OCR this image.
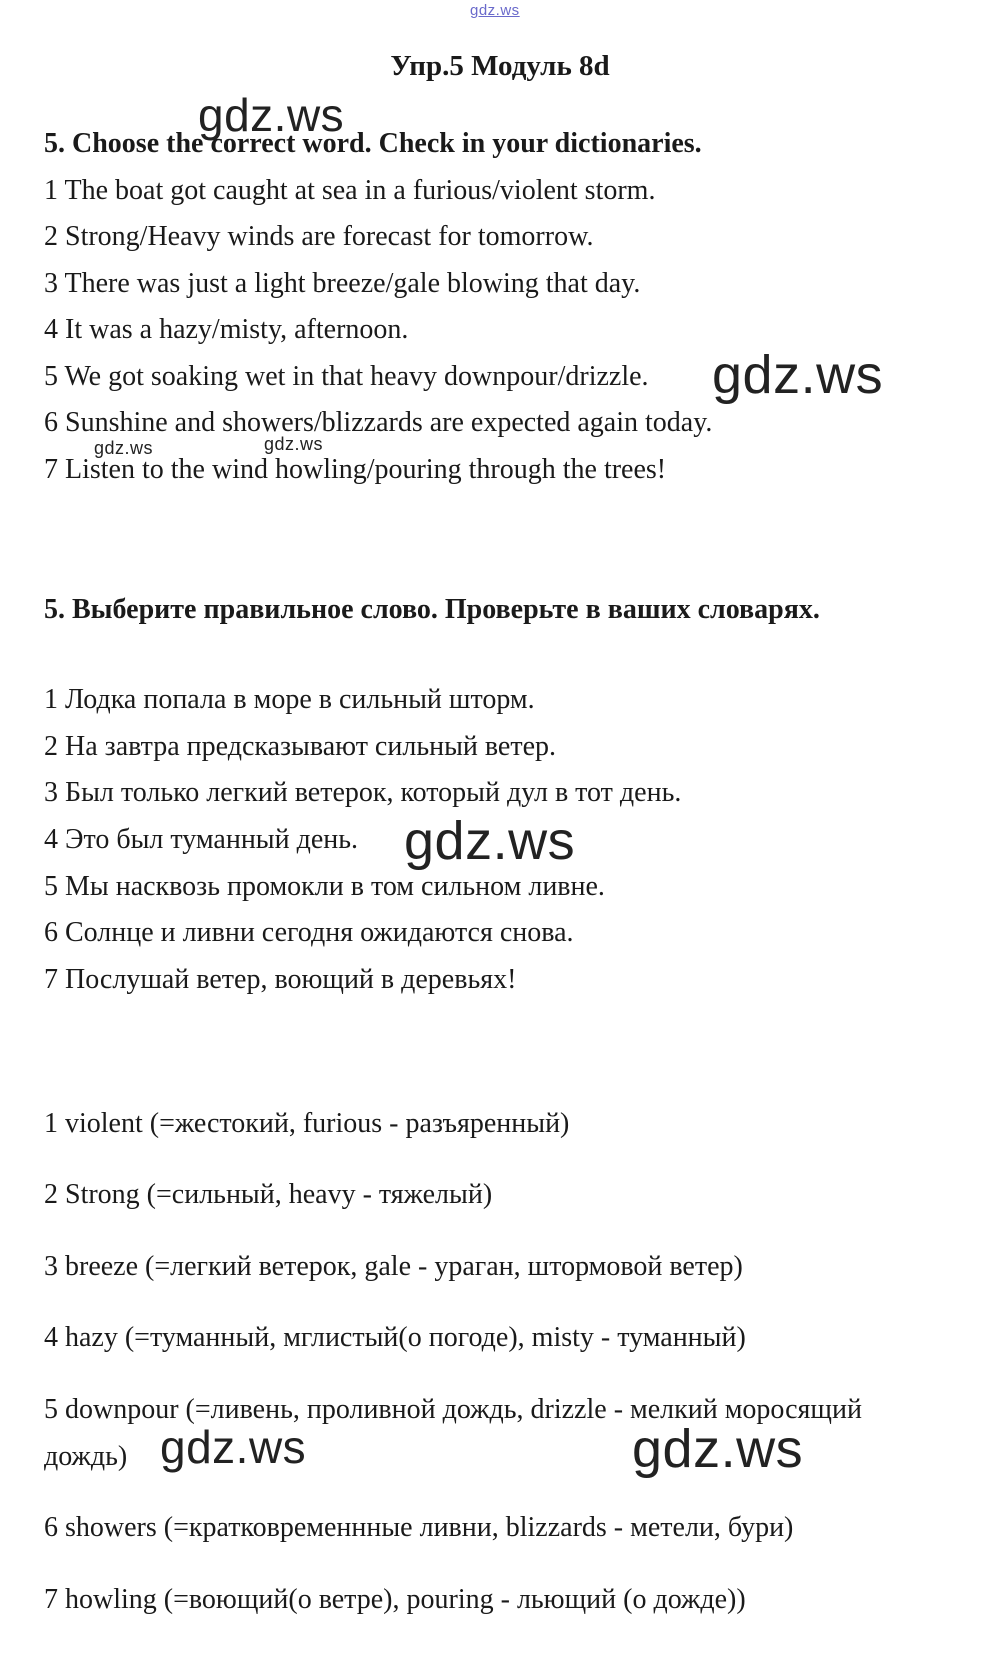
gdz.ws
Упр.5 Модуль 8d
5. Choose the correct word. Check in your dictionaries.
1 The boat got caught at sea in a furious/violent storm.
2 Strong/Heavy winds are forecast for tomorrow.
3 There was just a light breeze/gale blowing that day.
4 It was a hazy/misty, afternoon.
5 We got soaking wet in that heavy downpour/drizzle.
6 Sunshine and showers/blizzards are expected again today.
7 Listen to the wind howling/pouring through the trees!
5. Выберите правильное слово. Проверьте в ваших словарях.
1 Лодка попала в море в сильный шторм.
2 На завтра предсказывают сильный ветер.
3 Был только легкий ветерок, который дул в тот день.
4 Это был туманный день.
5 Мы насквозь промокли в том сильном ливне.
6 Солнце и ливни сегодня ожидаются снова.
7 Послушай ветер, воющий в деревьях!
1 violent (=жестокий, furious - разъяренный)
2 Strong (=сильный, heavy - тяжелый)
3 breeze (=легкий ветерок, gale - ураган, штормовой ветер)
4 hazy (=туманный, мглистый(о погоде), misty - туманный)
5 downpour (=ливень, проливной дождь, drizzle - мелкий моросящий
дождь)
6 showers (=кратковременнные ливни, blizzards - метели, бури)
7 howling (=воющий(о ветре), pouring - льющий (о дожде))
gdz.ws
gdz.ws
gdz.ws	gdz.ws
gdz.ws
gdz.ws	gdz.ws
